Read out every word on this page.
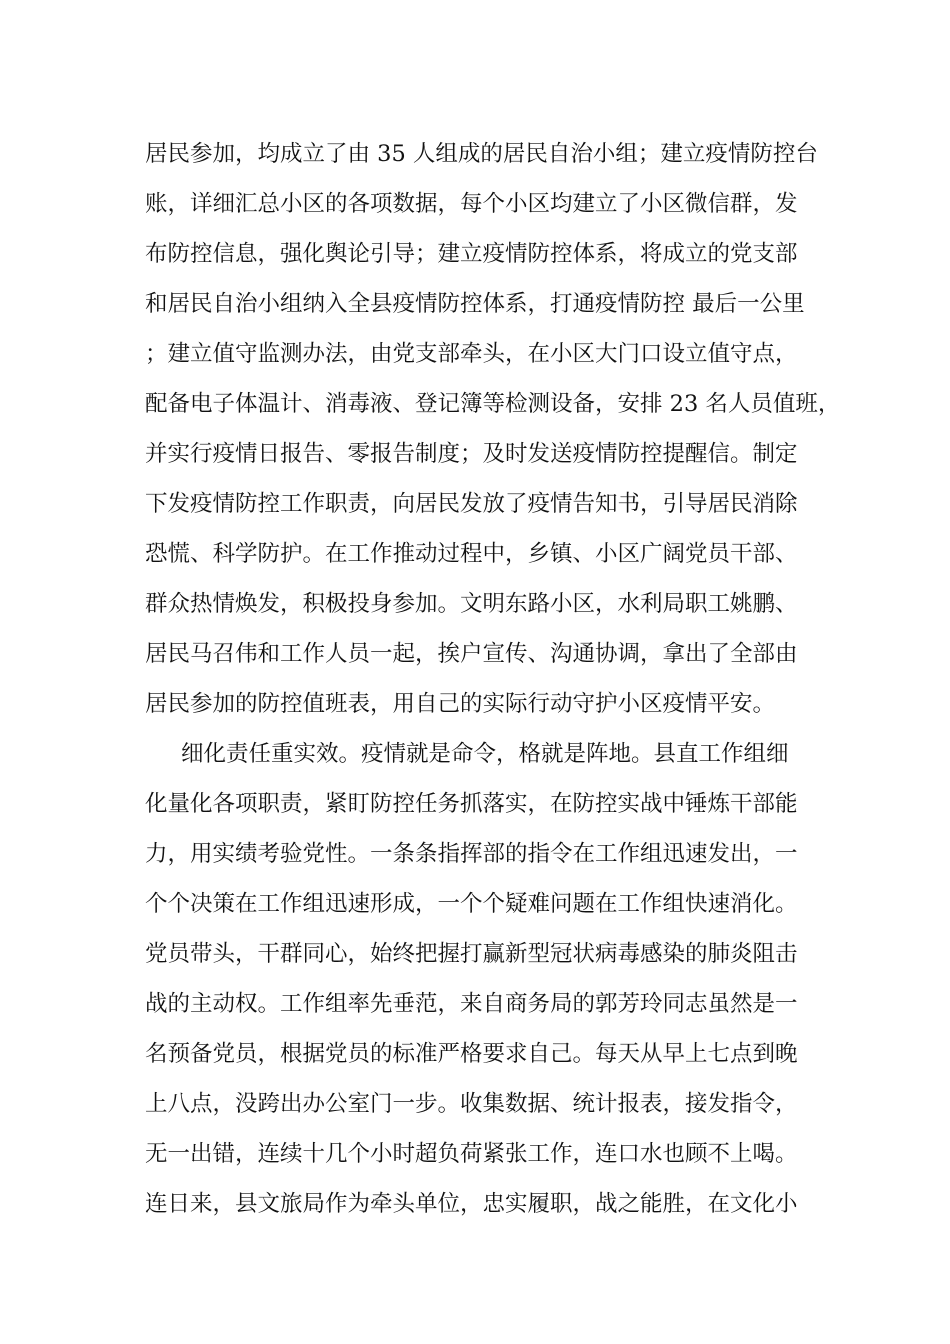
居民参加，均成立了由 35 人组成的居民自治小组；建立疫情防控台
账，详细汇总小区的各项数据，每个小区均建立了小区微信群，发
布防控信息，强化舆论引导；建立疫情防控体系，将成立的党支部
和居民自治小组纳入全县疫情防控体系，打通疫情防控 最后一公里
；建立值守监测办法，由党支部牵头，在小区大门口设立值守点，
配备电子体温计、消毒液、登记簿等检测设备，安排 23 名人员值班，
并实行疫情日报告、零报告制度；及时发送疫情防控提醒信。制定
下发疫情防控工作职责，向居民发放了疫情告知书，引导居民消除
恐慌、科学防护。在工作推动过程中，乡镇、小区广阔党员干部、
群众热情焕发，积极投身参加。文明东路小区，水利局职工姚鹏、
居民马召伟和工作人员一起，挨户宣传、沟通协调，拿出了全部由
居民参加的防控值班表，用自己的实际行动守护小区疫情平安。
细化责任重实效。疫情就是命令，格就是阵地。县直工作组细
化量化各项职责，紧盯防控任务抓落实，在防控实战中锤炼干部能
力，用实绩考验党性。一条条指挥部的指令在工作组迅速发出，一
个个决策在工作组迅速形成，一个个疑难问题在工作组快速消化。
党员带头，干群同心，始终把握打赢新型冠状病毒感染的肺炎阻击
战的主动权。工作组率先垂范，来自商务局的郭芳玲同志虽然是一
名预备党员，根据党员的标准严格要求自己。每天从早上七点到晚
上八点，没跨出办公室门一步。收集数据、统计报表，接发指令，
无一出错，连续十几个小时超负荷紧张工作，连口水也顾不上喝。
连日来，县文旅局作为牵头单位，忠实履职，战之能胜，在文化小
